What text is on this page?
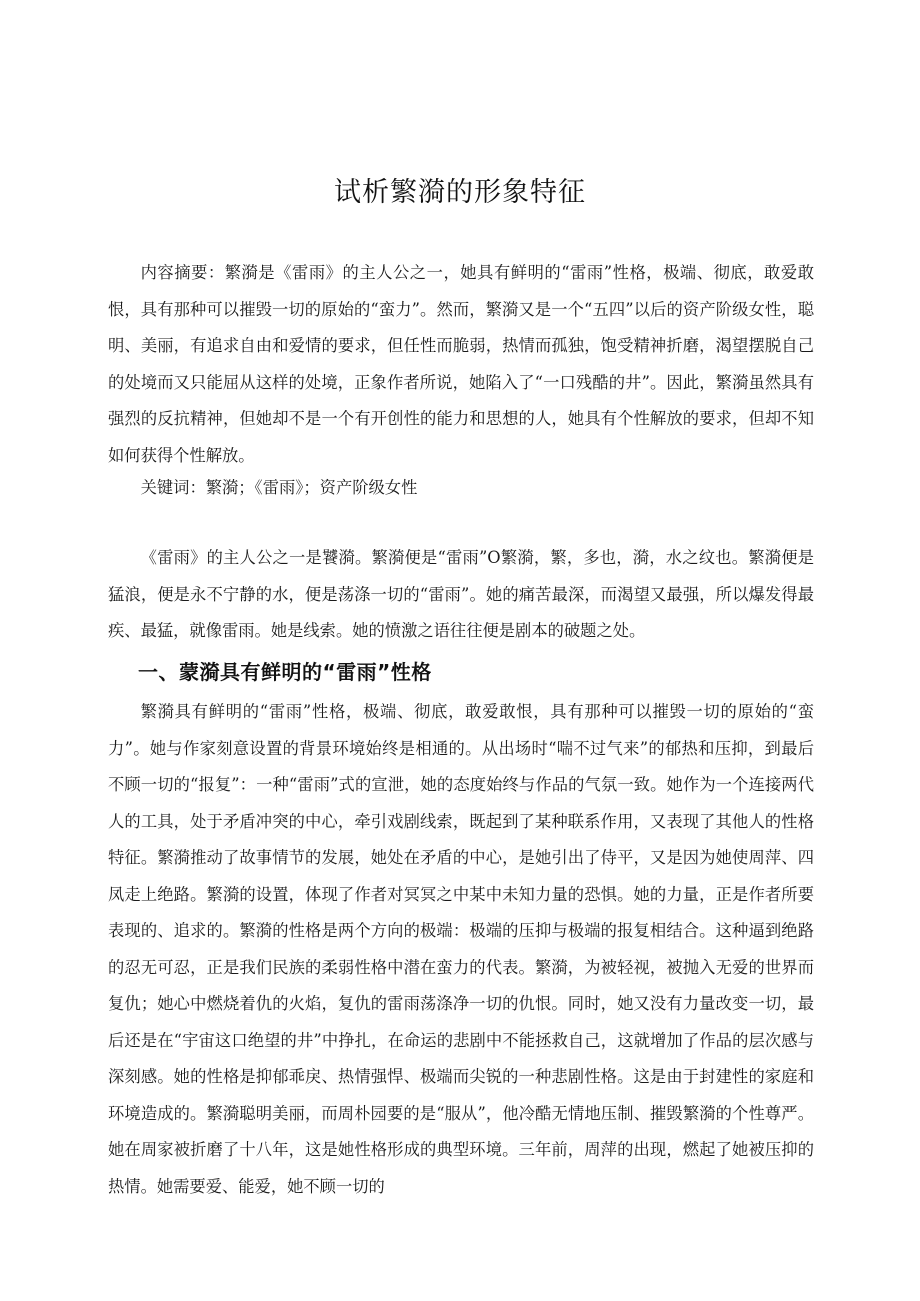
试析繁漪的形象特征

内容摘要：繁漪是《雷雨》的主人公之一，她具有鲜明的“雷雨”性格，极端、彻底，敢爱敢恨，具有那种可以摧毁一切的原始的“蛮力”。然而，繁漪又是一个“五四”以后的资产阶级女性，聪明、美丽，有追求自由和爱情的要求，但任性而脆弱，热情而孤独，饱受精神折磨，渴望摆脱自己的处境而又只能屈从这样的处境，正象作者所说，她陷入了“一口残酷的井”。因此，繁漪虽然具有强烈的反抗精神，但她却不是一个有开创性的能力和思想的人，她具有个性解放的要求，但却不知如何获得个性解放。

关键词：繁漪；《雷雨》；资产阶级女性

《雷雨》的主人公之一是饕漪。繁漪便是“雷雨”O繁漪，繁，多也，漪，水之纹也。繁漪便是猛浪，便是永不宁静的水，便是荡涤一切的“雷雨”。她的痛苦最深，而渴望又最强，所以爆发得最疾、最猛，就像雷雨。她是线索。她的愤激之语往往便是剧本的破题之处。

一、蒙漪具有鲜明的“雷雨”性格

繁漪具有鲜明的“雷雨”性格，极端、彻底，敢爱敢恨，具有那种可以摧毁一切的原始的“蛮力”。她与作家刻意设置的背景环境始终是相通的。从出场时“喘不过气来”的郁热和压抑，到最后不顾一切的“报复”：一种“雷雨”式的宣泄，她的态度始终与作品的气氛一致。她作为一个连接两代人的工具，处于矛盾冲突的中心，牵引戏剧线索，既起到了某种联系作用，又表现了其他人的性格特征。繁漪推动了故事情节的发展，她处在矛盾的中心，是她引出了侍平，又是因为她使周萍、四凤走上绝路。繁漪的设置，体现了作者对冥冥之中某中未知力量的恐惧。她的力量，正是作者所要表现的、追求的。繁漪的性格是两个方向的极端：极端的压抑与极端的报复相结合。这种逼到绝路的忍无可忍，正是我们民族的柔弱性格中潜在蛮力的代表。繁漪，为被轻视，被抛入无爱的世界而复仇；她心中燃烧着仇的火焰，复仇的雷雨荡涤净一切的仇恨。同时，她又没有力量改变一切，最后还是在“宇宙这口绝望的井”中挣扎，在命运的悲剧中不能拯救自己，这就增加了作品的层次感与深刻感。她的性格是抑郁乖戾、热情强悍、极端而尖锐的一种悲剧性格。这是由于封建性的家庭和环境造成的。繁漪聪明美丽，而周朴园要的是“服从”，他冷酷无情地压制、摧毁繁漪的个性尊严。她在周家被折磨了十八年，这是她性格形成的典型环境。三年前，周萍的出现，燃起了她被压抑的热情。她需要爱、能爱，她不顾一切的
